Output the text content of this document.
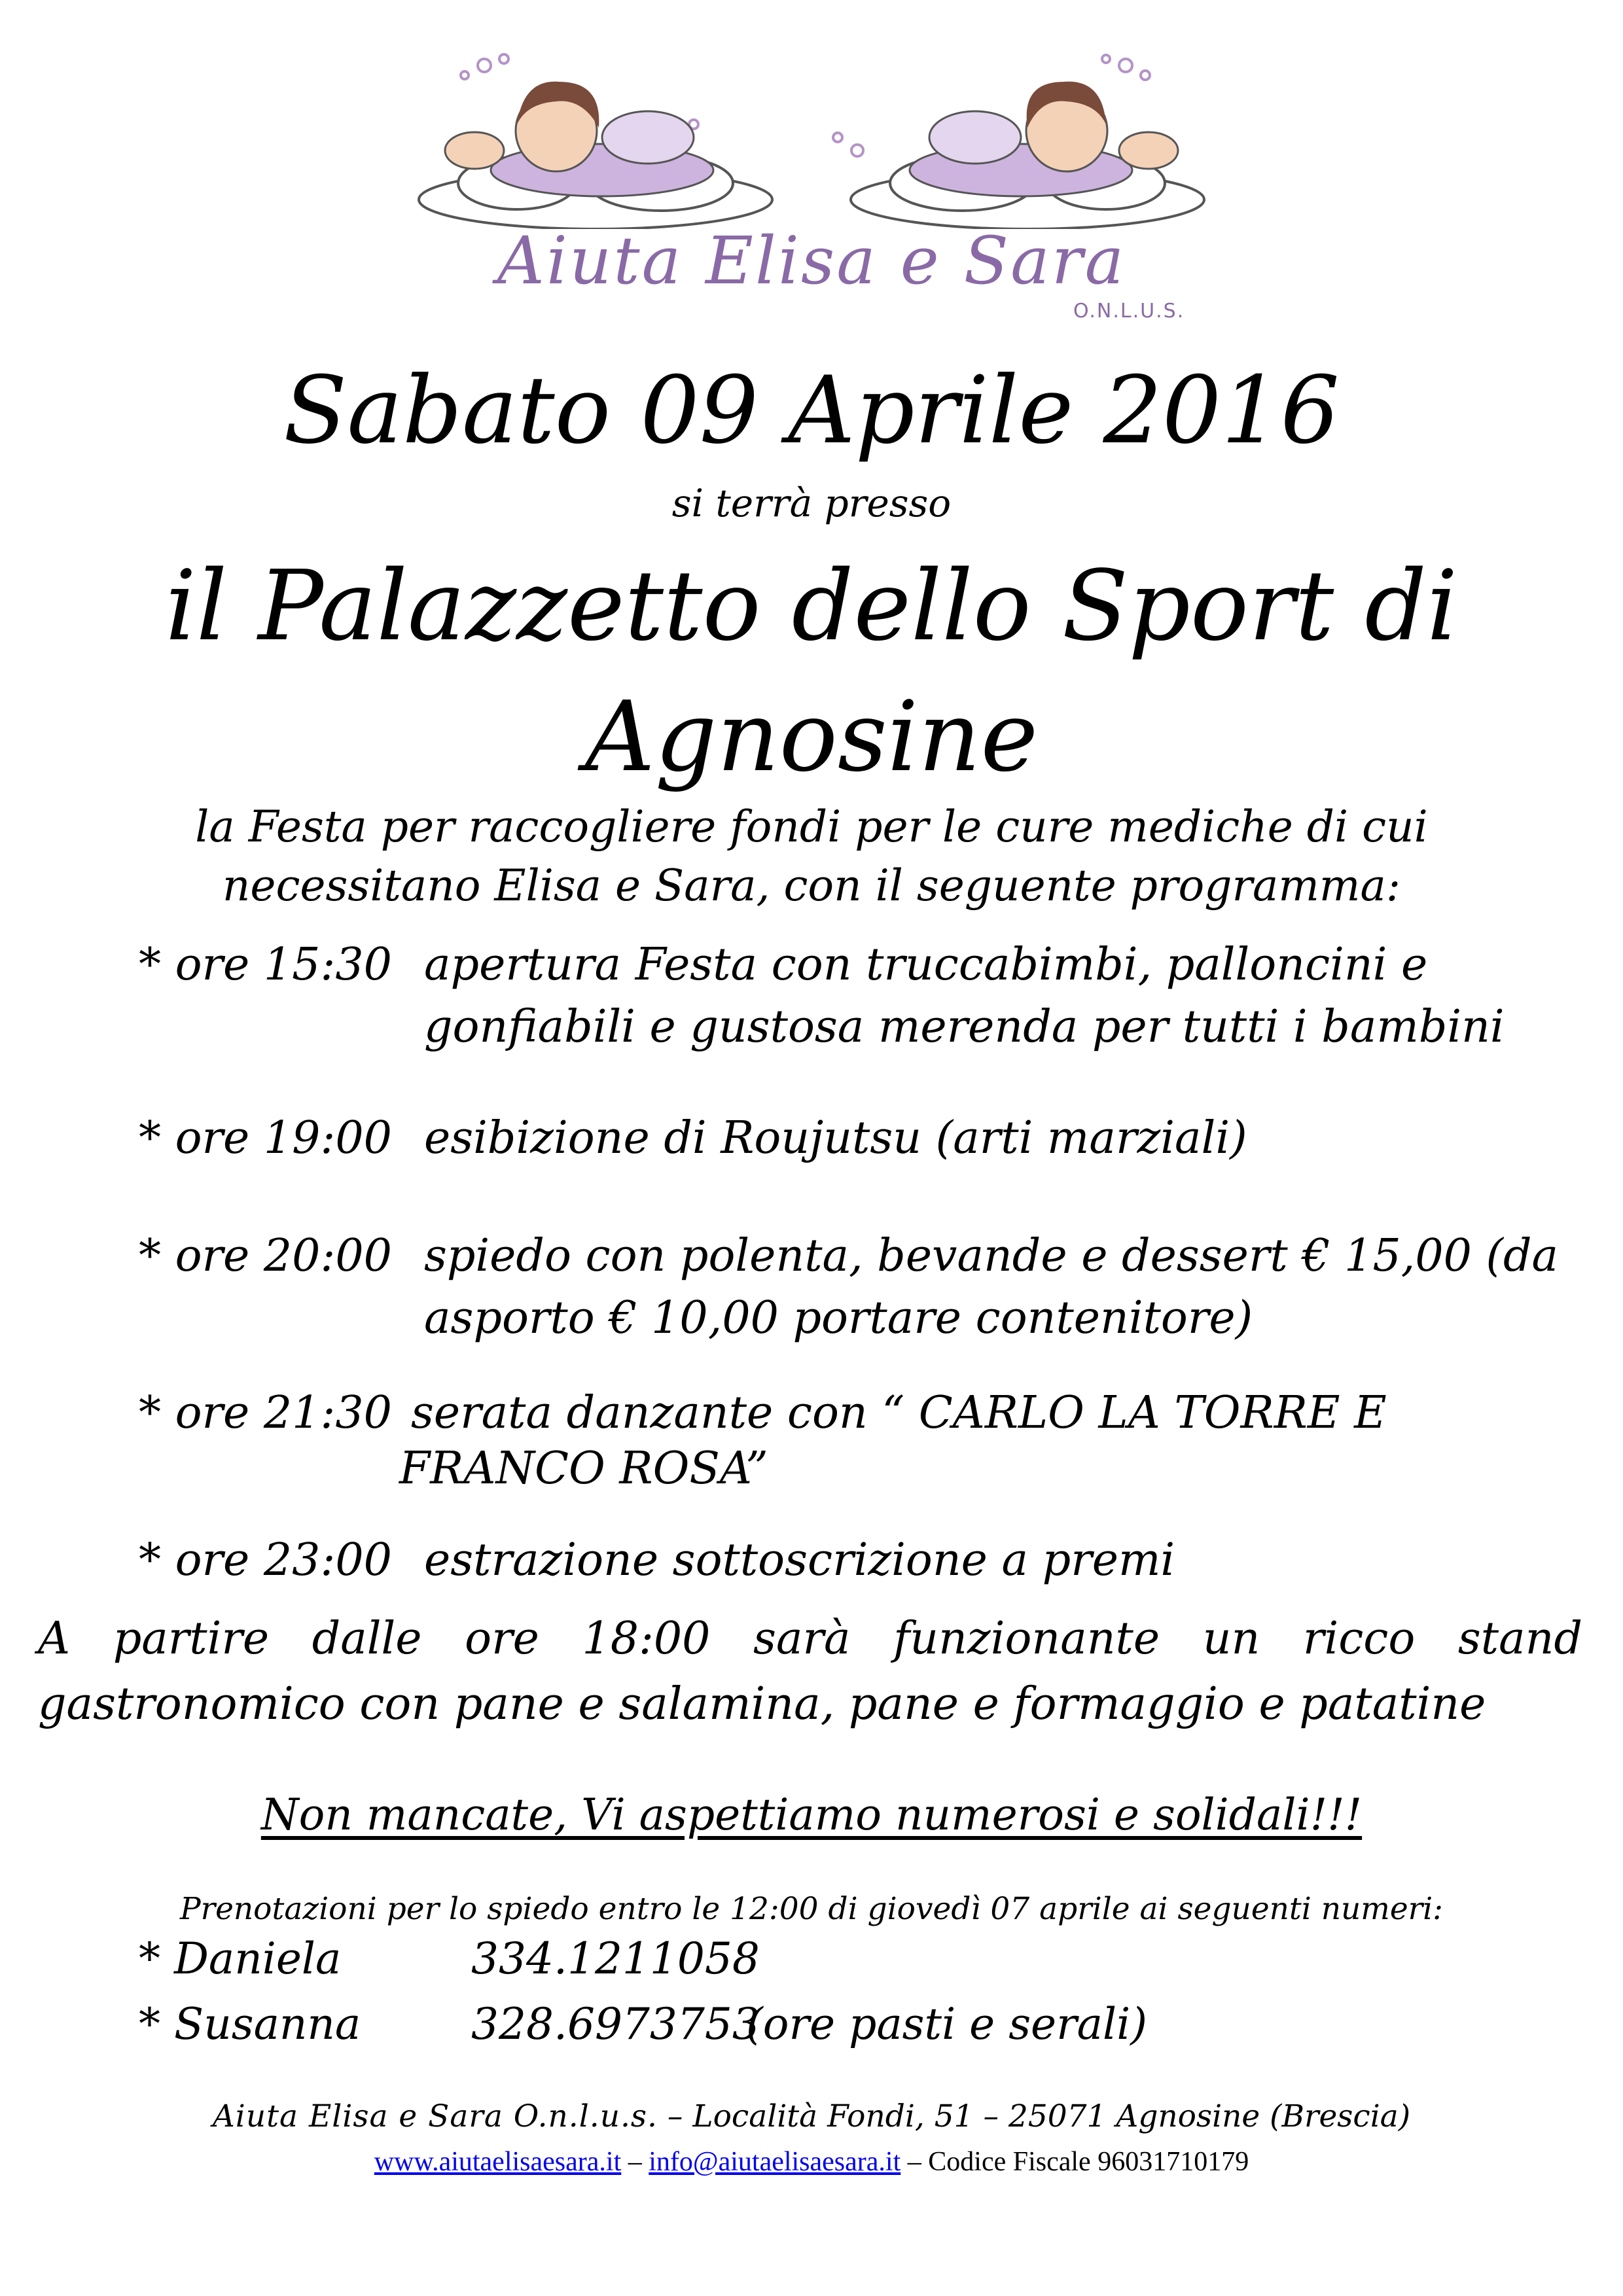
Aiuta Elisa e Sara
O.N.L.U.S.
Sabato 09 Aprile 2016
si terrà presso
il Palazzetto dello Sport di
Agnosine
la Festa per raccogliere fondi per le cure mediche di cui
necessitano Elisa e Sara, con il seguente programma:
* ore 15:30 apertura Festa con truccabimbi, palloncini e
gonfiabili e gustosa merenda per tutti i bambini
* ore 19:00 esibizione di Roujutsu (arti marziali)
* ore 20:00 spiedo con polenta, bevande e dessert € 15,00 (da
asporto € 10,00 portare contenitore)
* ore 21:30 serata danzante con “ CARLO LA TORRE E
FRANCO ROSA”
* ore 23:00 estrazione sottoscrizione a premi
A partire dalle ore 18:00 sarà funzionante un ricco stand
gastronomico con pane e salamina, pane e formaggio e patatine
Non mancate, Vi aspettiamo numerosi e solidali!!!
Prenotazioni per lo spiedo entro le 12:00 di giovedì 07 aprile ai seguenti numeri:
* Daniela	334.1211058
* Susanna	328.6973753
(ore pasti e serali)
Aiuta Elisa e Sara O.n.l.u.s. – Località Fondi, 51 – 25071 Agnosine (Brescia)
www.aiutaelisaesara.it – info@aiutaelisaesara.it – Codice Fiscale 96031710179
